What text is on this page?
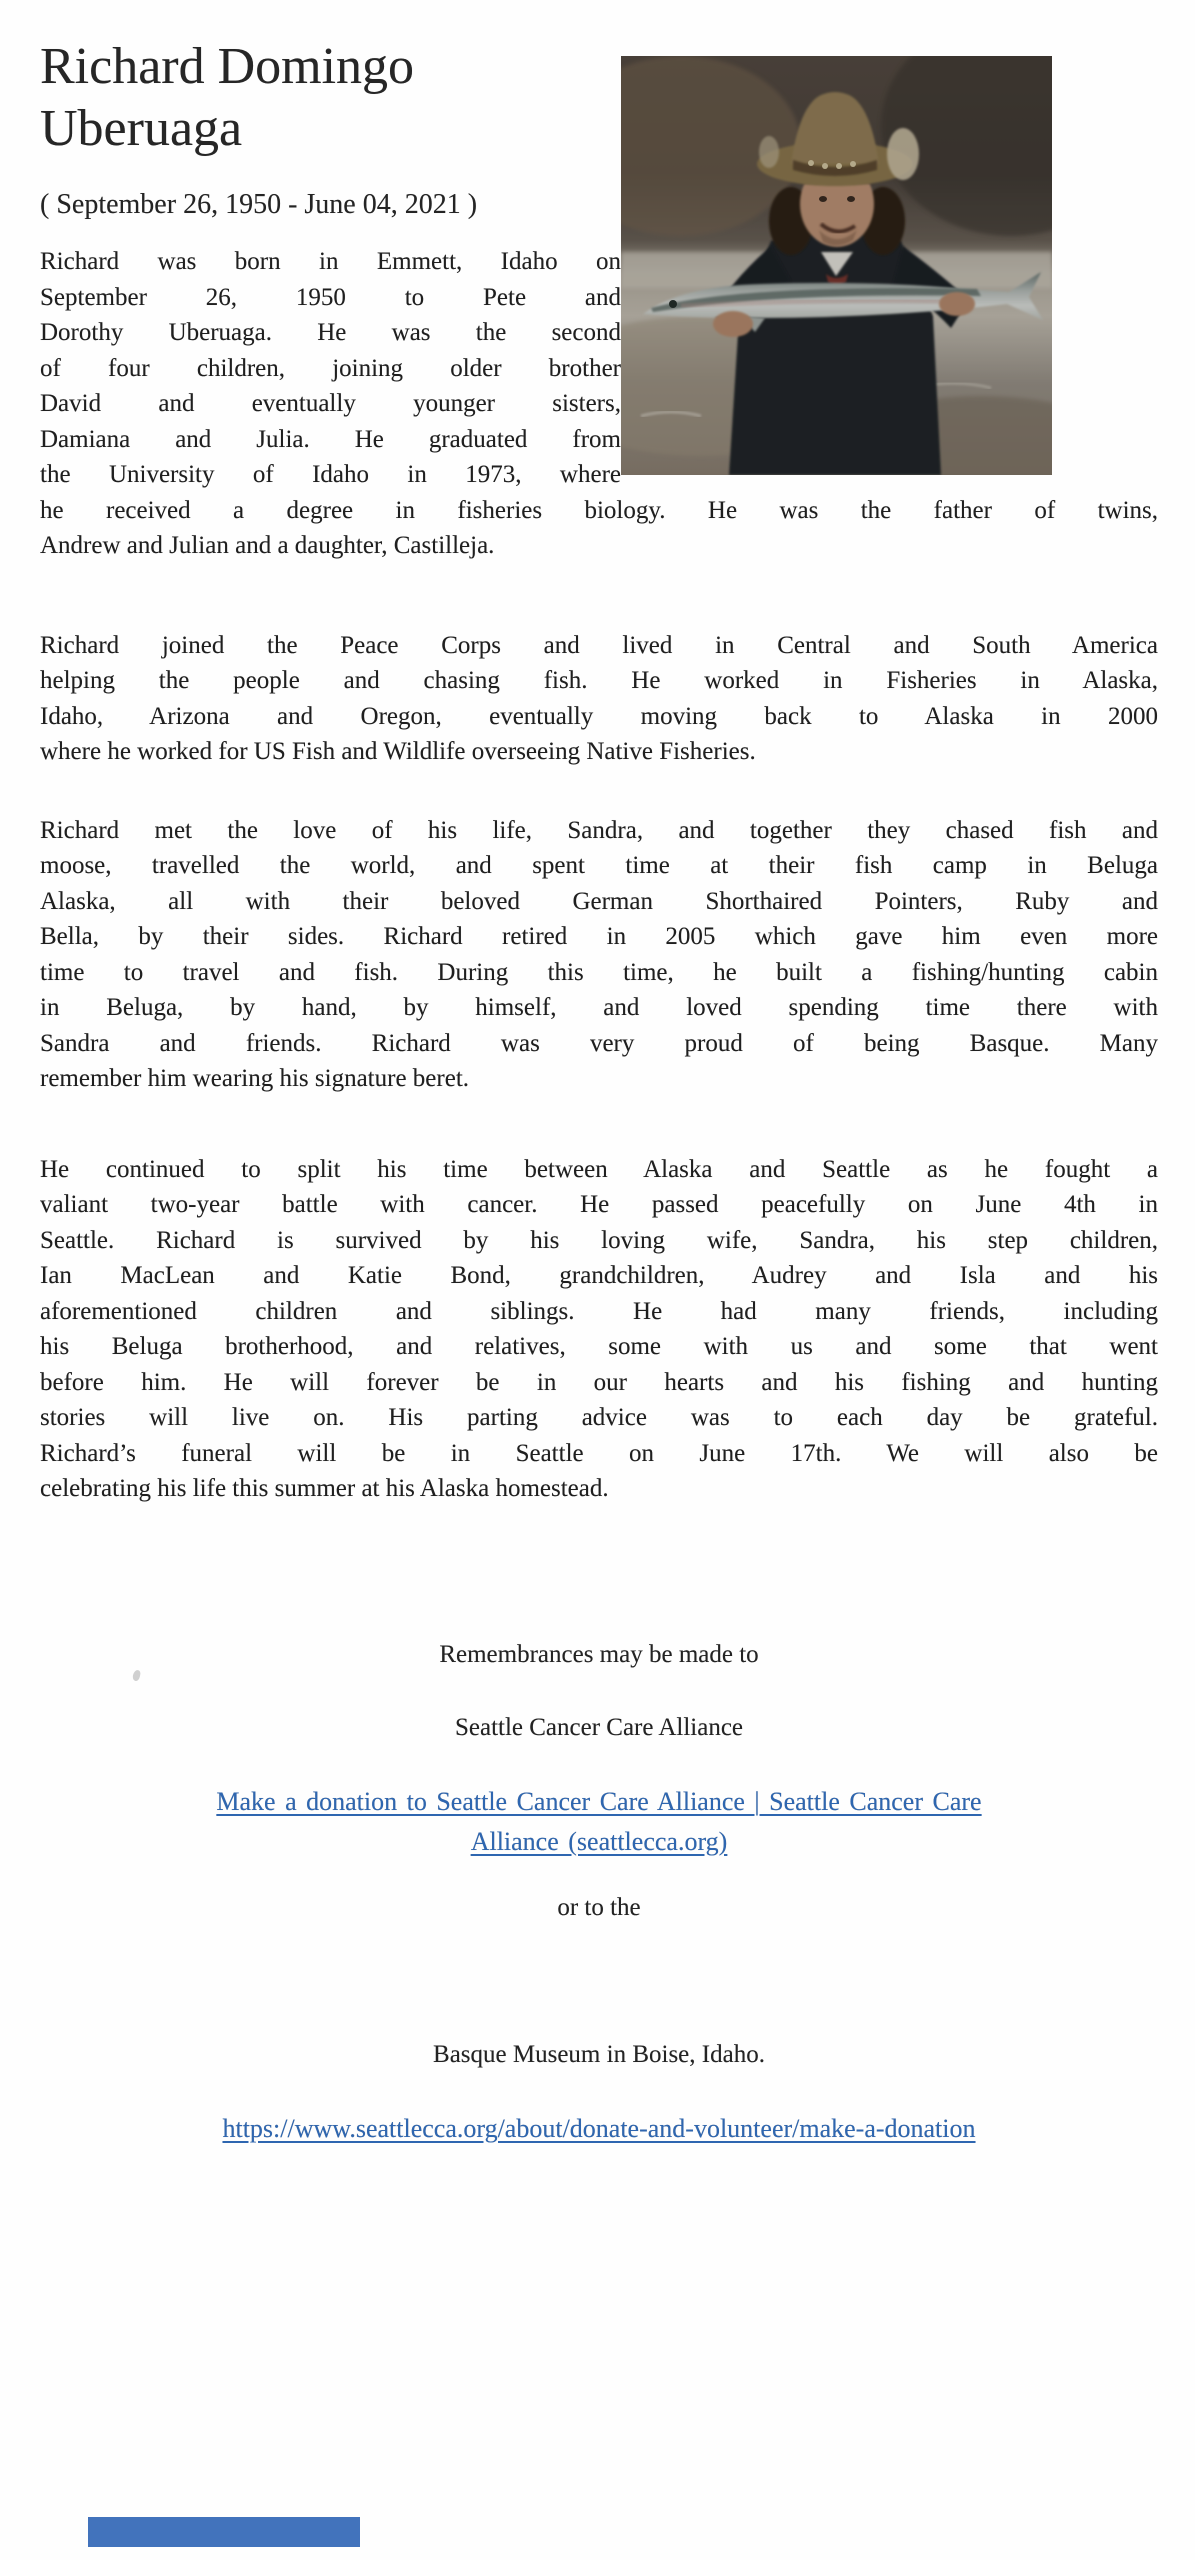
Richard Domingo
Uberuaga
( September 26, 1950 - June 04, 2021 )
Richard was born in Emmett, Idaho on
September 26, 1950 to Pete and
Dorothy Uberuaga. He was the second
of four children, joining older brother
David and eventually younger sisters,
Damiana and Julia. He graduated from
the University of Idaho in 1973, where
he received a degree in fisheries biology. He was the father of twins,
Andrew and Julian and a daughter, Castilleja.
Richard joined the Peace Corps and lived in Central and South America
helping the people and chasing fish. He worked in Fisheries in Alaska,
Idaho, Arizona and Oregon, eventually moving back to Alaska in 2000
where he worked for US Fish and Wildlife overseeing Native Fisheries.
Richard met the love of his life, Sandra, and together they chased fish and
moose, travelled the world, and spent time at their fish camp in Beluga
Alaska, all with their beloved German Shorthaired Pointers, Ruby and
Bella, by their sides. Richard retired in 2005 which gave him even more
time to travel and fish. During this time, he built a fishing/hunting cabin
in Beluga, by hand, by himself, and loved spending time there with
Sandra and friends. Richard was very proud of being Basque. Many
remember him wearing his signature beret.
He continued to split his time between Alaska and Seattle as he fought a
valiant two-year battle with cancer. He passed peacefully on June 4th in
Seattle. Richard is survived by his loving wife, Sandra, his step children,
Ian MacLean and Katie Bond, grandchildren, Audrey and Isla and his
aforementioned children and siblings. He had many friends, including
his Beluga brotherhood, and relatives, some with us and some that went
before him. He will forever be in our hearts and his fishing and hunting
stories will live on. His parting advice was to each day be grateful.
Richard’s funeral will be in Seattle on June 17th. We will also be
celebrating his life this summer at his Alaska homestead.
Remembrances may be made to
Seattle Cancer Care Alliance
Make a donation to Seattle Cancer Care Alliance | Seattle Cancer Care
Alliance (seattlecca.org)
or to the
Basque Museum in Boise, Idaho.
https://www.seattlecca.org/about/donate-and-volunteer/make-a-donation
